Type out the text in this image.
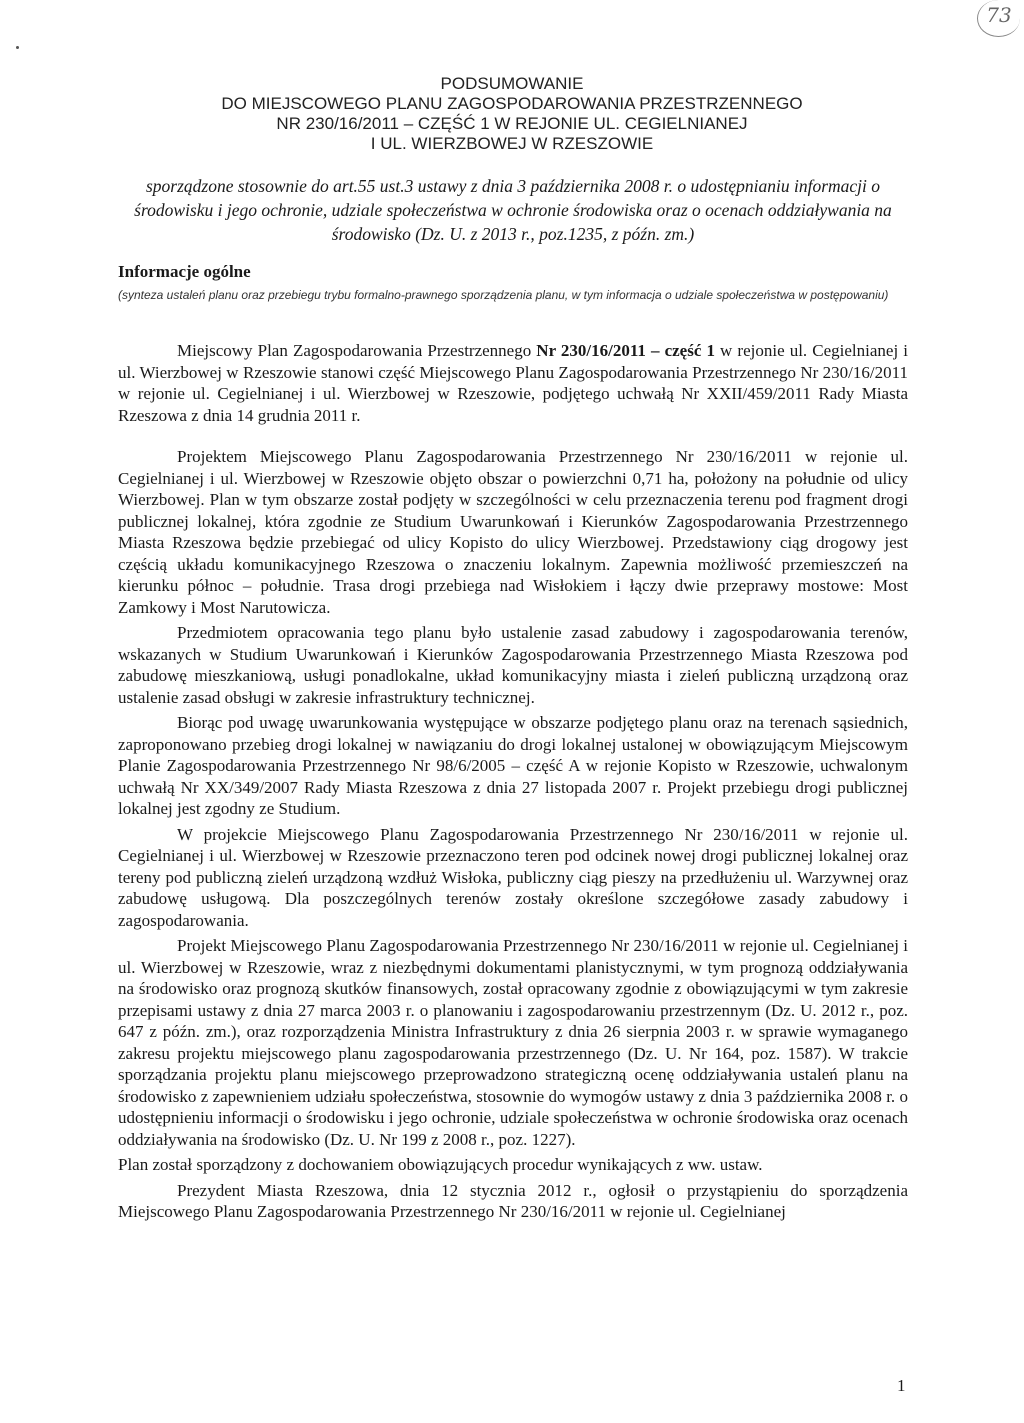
73
PODSUMOWANIE
DO MIEJSCOWEGO PLANU ZAGOSPODAROWANIA PRZESTRZENNEGO
NR 230/16/2011 – CZĘŚĆ 1 W REJONIE UL. CEGIELNIANEJ
I UL. WIERZBOWEJ W RZESZOWIE
sporządzone stosownie do art.55 ust.3 ustawy z dnia 3 października 2008 r. o udostępnianiu informacji o środowisku i jego ochronie, udziale społeczeństwa w ochronie środowiska oraz o ocenach oddziaływania na środowisko (Dz. U. z 2013 r., poz.1235, z późn. zm.)
Informacje ogólne
(synteza ustaleń planu oraz przebiegu trybu formalno-prawnego sporządzenia planu, w tym informacja o udziale społeczeństwa w postępowaniu)

Miejscowy Plan Zagospodarowania Przestrzennego Nr 230/16/2011 – część 1 w rejonie ul. Cegielnianej i ul. Wierzbowej w Rzeszowie stanowi część Miejscowego Planu Zagospodarowania Przestrzennego Nr 230/16/2011 w rejonie ul. Cegielnianej i ul. Wierzbowej w Rzeszowie, podjętego uchwałą Nr XXII/459/2011 Rady Miasta Rzeszowa z dnia 14 grudnia 2011 r.

Projektem Miejscowego Planu Zagospodarowania Przestrzennego Nr 230/16/2011 w rejonie ul. Cegielnianej i ul. Wierzbowej w Rzeszowie objęto obszar o powierzchni 0,71 ha, położony na południe od ulicy Wierzbowej. Plan w tym obszarze został podjęty w szczególności w celu przeznaczenia terenu pod fragment drogi publicznej lokalnej, która zgodnie ze Studium Uwarunkowań i Kierunków Zagospodarowania Przestrzennego Miasta Rzeszowa będzie przebiegać od ulicy Kopisto do ulicy Wierzbowej. Przedstawiony ciąg drogowy jest częścią układu komunikacyjnego Rzeszowa o znaczeniu lokalnym. Zapewnia możliwość przemieszczeń na kierunku północ – południe. Trasa drogi przebiega nad Wisłokiem i łączy dwie przeprawy mostowe: Most Zamkowy i Most Narutowicza.

Przedmiotem opracowania tego planu było ustalenie zasad zabudowy i zagospodarowania terenów, wskazanych w Studium Uwarunkowań i Kierunków Zagospodarowania Przestrzennego Miasta Rzeszowa pod zabudowę mieszkaniową, usługi ponadlokalne, układ komunikacyjny miasta i zieleń publiczną urządzoną oraz ustalenie zasad obsługi w zakresie infrastruktury technicznej.

Biorąc pod uwagę uwarunkowania występujące w obszarze podjętego planu oraz na terenach sąsiednich, zaproponowano przebieg drogi lokalnej w nawiązaniu do drogi lokalnej ustalonej w obowiązującym Miejscowym Planie Zagospodarowania Przestrzennego Nr 98/6/2005 – część A w rejonie Kopisto w Rzeszowie, uchwalonym uchwałą Nr XX/349/2007 Rady Miasta Rzeszowa z dnia 27 listopada 2007 r. Projekt przebiegu drogi publicznej lokalnej jest zgodny ze Studium.

W projekcie Miejscowego Planu Zagospodarowania Przestrzennego Nr 230/16/2011 w rejonie ul. Cegielnianej i ul. Wierzbowej w Rzeszowie przeznaczono teren pod odcinek nowej drogi publicznej lokalnej oraz tereny pod publiczną zieleń urządzoną wzdłuż Wisłoka, publiczny ciąg pieszy na przedłużeniu ul. Warzywnej oraz zabudowę usługową. Dla poszczególnych terenów zostały określone szczegółowe zasady zabudowy i zagospodarowania.

Projekt Miejscowego Planu Zagospodarowania Przestrzennego Nr 230/16/2011 w rejonie ul. Cegielnianej i ul. Wierzbowej w Rzeszowie, wraz z niezbędnymi dokumentami planistycznymi, w tym prognozą oddziaływania na środowisko oraz prognozą skutków finansowych, został opracowany zgodnie z obowiązującymi w tym zakresie przepisami ustawy z dnia 27 marca 2003 r. o planowaniu i zagospodarowaniu przestrzennym (Dz. U. 2012 r., poz. 647 z późn. zm.), oraz rozporządzenia Ministra Infrastruktury z dnia 26 sierpnia 2003 r. w sprawie wymaganego zakresu projektu miejscowego planu zagospodarowania przestrzennego (Dz. U. Nr 164, poz. 1587). W trakcie sporządzania projektu planu miejscowego przeprowadzono strategiczną ocenę oddziaływania ustaleń planu na środowisko z zapewnieniem udziału społeczeństwa, stosownie do wymogów ustawy z dnia 3 października 2008 r. o udostępnieniu informacji o środowisku i jego ochronie, udziale społeczeństwa w ochronie środowiska oraz ocenach oddziaływania na środowisko (Dz. U. Nr 199 z 2008 r., poz. 1227).

Plan został sporządzony z dochowaniem obowiązujących procedur wynikających z ww. ustaw.

Prezydent Miasta Rzeszowa, dnia 12 stycznia 2012 r., ogłosił o przystąpieniu do sporządzenia Miejscowego Planu Zagospodarowania Przestrzennego Nr 230/16/2011 w rejonie ul. Cegielnianej

1
